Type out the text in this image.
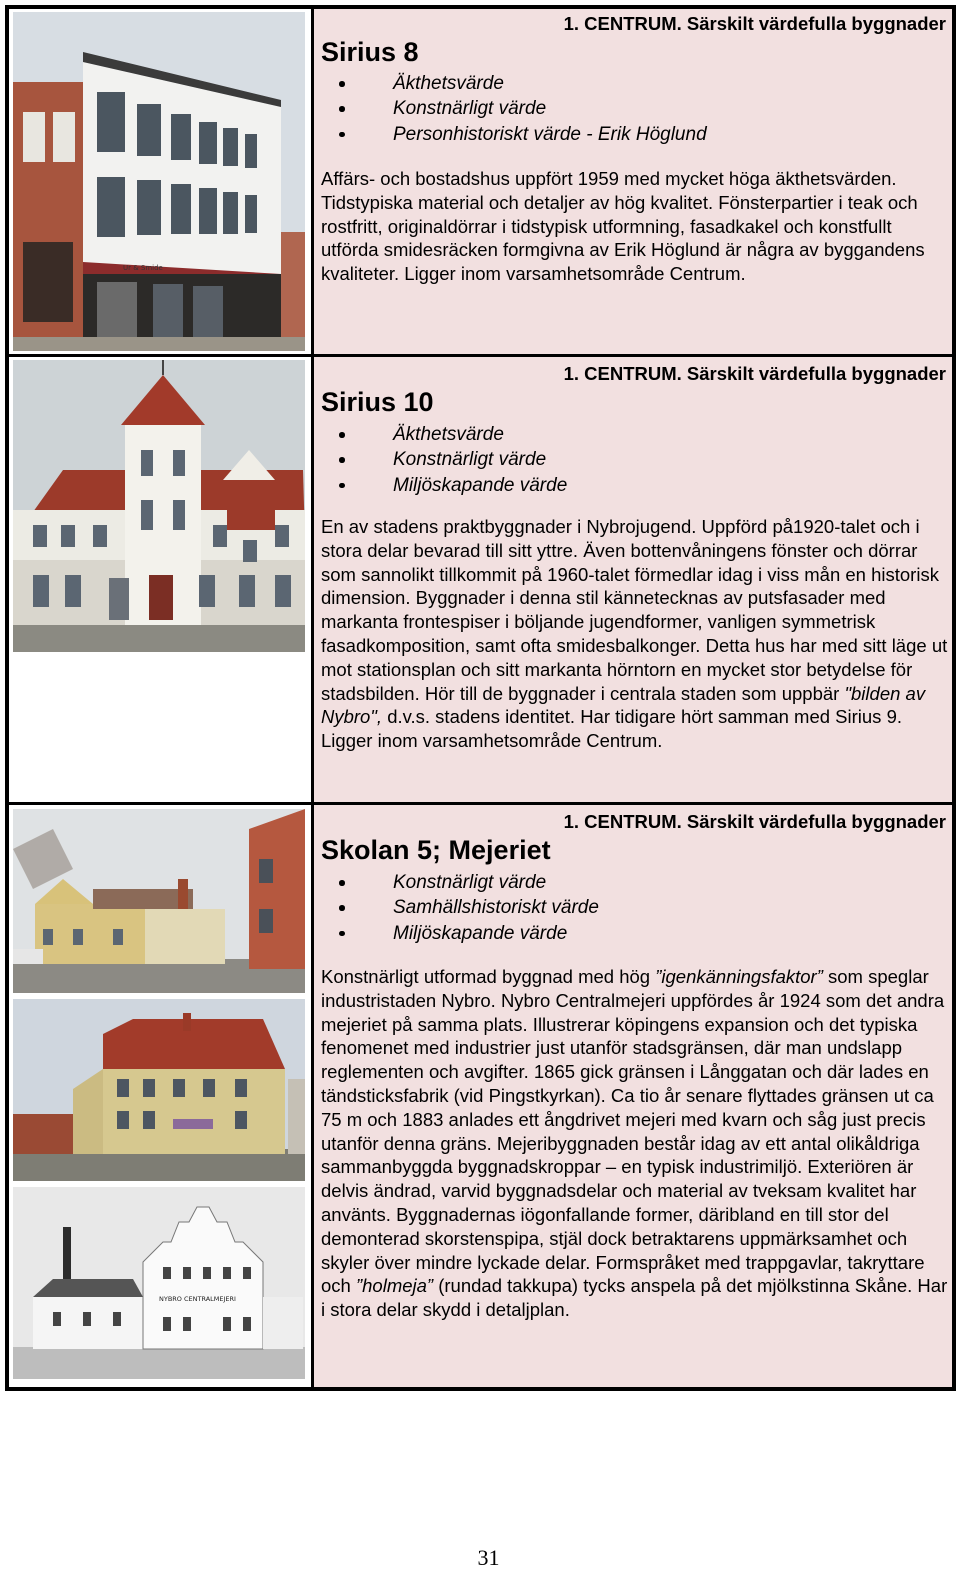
Ur & Smide
1. CENTRUM. Särskilt värdefulla byggnader
Sirius 8
Äkthetsvärde
Konstnärligt värde
Personhistoriskt värde - Erik Höglund

Affärs- och bostadshus uppfört 1959 med mycket höga äkthetsvärden. Tidstypiska material och detaljer av hög kvalitet. Fönsterpartier i teak och rostfritt, originaldörrar i tidstypisk utformning, fasadkakel och konstfullt utförda smidesräcken formgivna av Erik Höglund är några av byggandens kvaliteter. Ligger inom varsamhetsområde Centrum.

1. CENTRUM. Särskilt värdefulla byggnader
Sirius 10
Äkthetsvärde
Konstnärligt värde
Miljöskapande värde

En av stadens praktbyggnader i Nybrojugend. Uppförd på1920-talet och i stora delar bevarad till sitt yttre. Även bottenvåningens fönster och dörrar som sannolikt tillkommit på 1960-talet förmedlar idag i viss mån en historisk dimension. Byggnader i denna stil kännetecknas av putsfasader med markanta frontespiser i böljande jugendformer, vanligen symmetrisk fasadkomposition, samt ofta smidesbalkonger. Detta hus har med sitt läge ut mot stationsplan och sitt markanta hörntorn en mycket stor betydelse för stadsbilden. Hör till de byggnader i centrala staden som uppbär "bilden av Nybro", d.v.s. stadens identitet. Har tidigare hört samman med Sirius 9. Ligger inom varsamhetsområde Centrum.

NYBRO CENTRALMEJERI
1. CENTRUM. Särskilt värdefulla byggnader
Skolan 5; Mejeriet
Konstnärligt värde
Samhällshistoriskt värde
Miljöskapande värde

Konstnärligt utformad byggnad med hög ”igenkänningsfaktor” som speglar industristaden Nybro. Nybro Centralmejeri uppfördes år 1924 som det andra mejeriet på samma plats. Illustrerar köpingens expansion och det typiska fenomenet med industrier just utanför stadsgränsen, där man undslapp reglementen och avgifter. 1865 gick gränsen i Långgatan och där lades en tändsticksfabrik (vid Pingstkyrkan). Ca tio år senare flyttades gränsen ut ca 75 m och 1883 anlades ett ångdrivet mejeri med kvarn och såg just precis utanför denna gräns. Mejeribyggnaden består idag av ett antal olikåldriga sammanbyggda byggnadskroppar – en typisk industrimiljö. Exteriören är delvis ändrad, varvid byggnadsdelar och material av tveksam kvalitet har använts. Byggnadernas iögonfallande former, däribland en till stor del demonterad skorstenspipa, stjäl dock betraktarens uppmärksamhet och skyler över mindre lyckade delar. Formspråket med trappgavlar, takryttare och ”holmeja” (rundad takkupa) tycks anspela på det mjölkstinna Skåne. Har i stora delar skydd i detaljplan.

31
